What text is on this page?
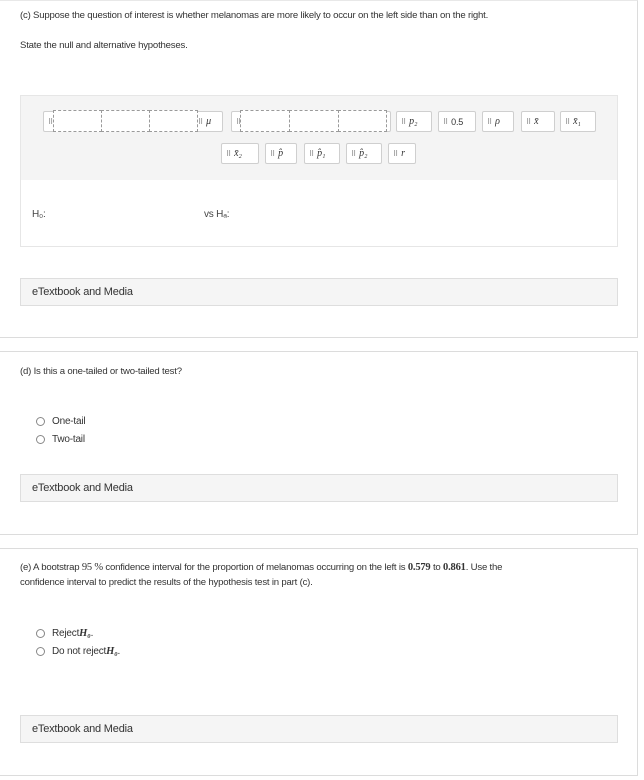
(c) Suppose the question of interest is whether melanomas are more likely to occur on the left side than on the right.
State the null and alternative hypotheses.
⠿	⠿ μ	⠿	⠿ p₂	⠿ 0.5	⠿ ρ	⠿ x̄	⠿ x̄₁
⠿ x̄₂	⠿ p̂	⠿ p̂₁	⠿ p̂₂	⠿ r
H₀:	vs Hₐ:
eTextbook and Media
(d) Is this a one-tailed or two-tailed test?
One-tail
Two-tail
eTextbook and Media
(e) A bootstrap 95 % confidence interval for the proportion of melanomas occurring on the left is 0.579 to 0.861. Use the
confidence interval to predict the results of the hypothesis test in part (c).
Reject H₀ .
Do not reject H₀ .
eTextbook and Media
